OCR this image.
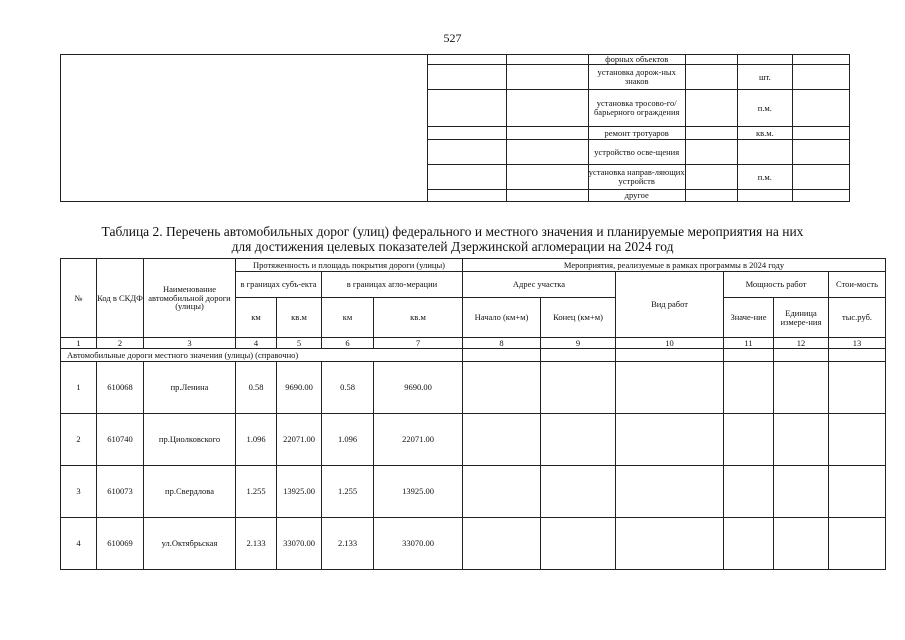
527
			форных объектов			
			установка дорож-ных знаков		шт.	
			установка тросово-го/барьерного ограждения		п.м.	
			ремонт тротуаров		кв.м.	
			устройство осве-щения			
			установка направ-ляющих устройств		п.м.	
			другое			
Таблица 2. Перечень автомобильных дорог (улиц) федерального и местного значения и планируемые мероприятия на них
для достижения целевых показателей Дзержинской агломерации на 2024 год
№	Код в СКДФ	Наименование автомобильной дороги (улицы)	Протяженность и площадь покрытия дороги (улицы)				Мероприятия, реализуемые в рамках программы в 2024 году					
			в границах субъ-екта		в границах агло-мерации		Адрес участка		Вид работ	Мощность работ		Стои-мость

			км	кв.м	км	кв.м	Начало (км+м)	Конец (км+м)		Значе-ние	Единица измере-ния	тыс.руб.
1	2	3	4	5	6	7	8	9	10	11	12	13
Автомобильные дороги местного значения (улицы) (справочно)												
1	610068	пр.Ленина	0.58	9690.00	0.58	9690.00						
2	610740	пр.Циолковского	1.096	22071.00	1.096	22071.00						
3	610073	пр.Свердлова	1.255	13925.00	1.255	13925.00						
4	610069	ул.Октябрьская	2.133	33070.00	2.133	33070.00						
